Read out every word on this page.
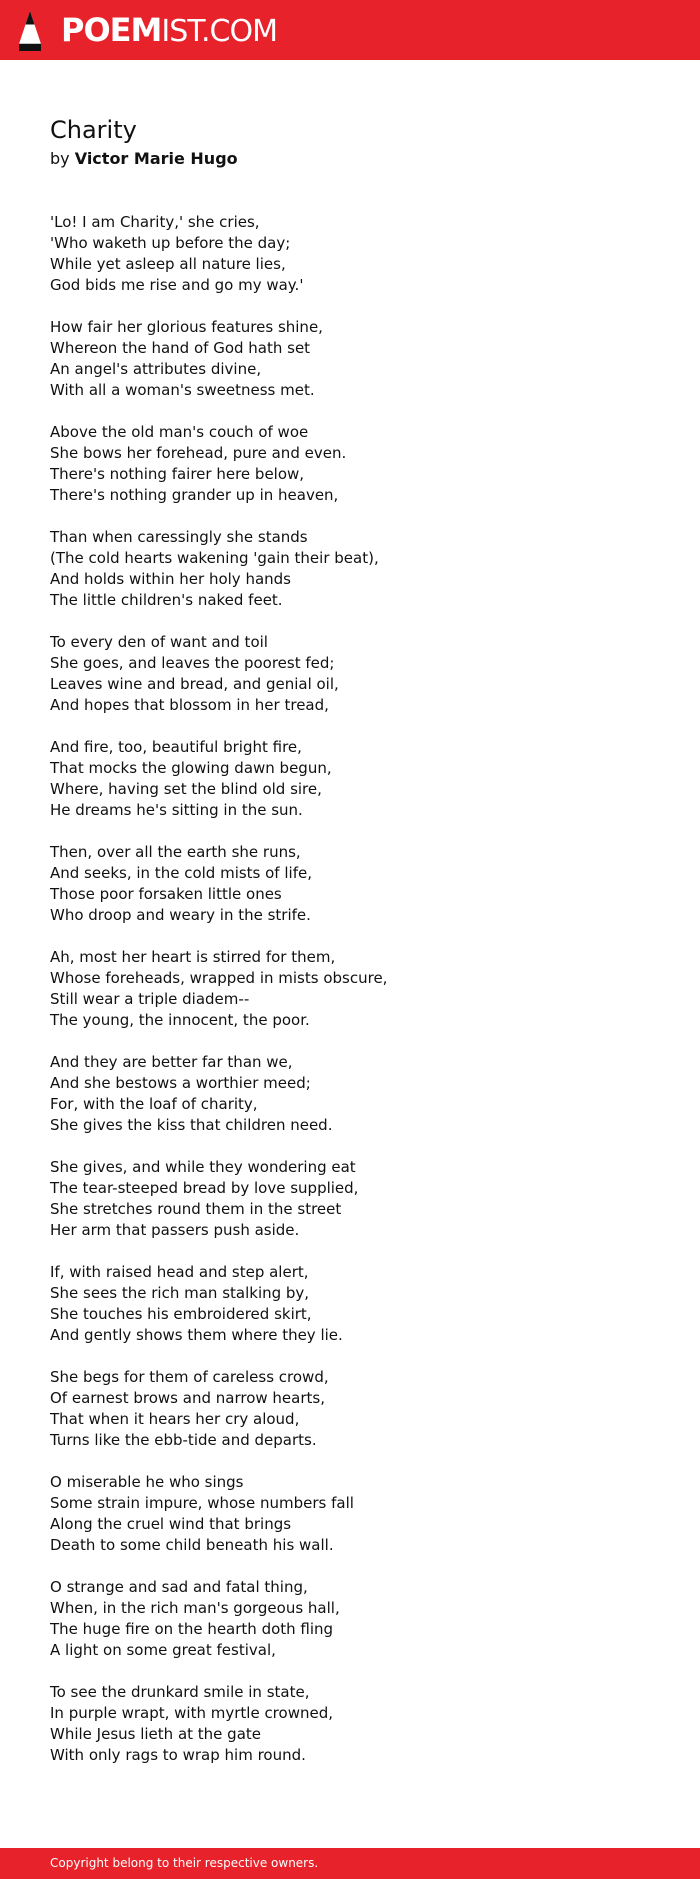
POEMIST.COM
Charity
by Victor Marie Hugo
'Lo! I am Charity,' she cries,
'Who waketh up before the day;
While yet asleep all nature lies,
God bids me rise and go my way.'
How fair her glorious features shine,
Whereon the hand of God hath set
An angel's attributes divine,
With all a woman's sweetness met.
Above the old man's couch of woe
She bows her forehead, pure and even.
There's nothing fairer here below,
There's nothing grander up in heaven,
Than when caressingly she stands
(The cold hearts wakening 'gain their beat),
And holds within her holy hands
The little children's naked feet.
To every den of want and toil
She goes, and leaves the poorest fed;
Leaves wine and bread, and genial oil,
And hopes that blossom in her tread,
And fire, too, beautiful bright fire,
That mocks the glowing dawn begun,
Where, having set the blind old sire,
He dreams he's sitting in the sun.
Then, over all the earth she runs,
And seeks, in the cold mists of life,
Those poor forsaken little ones
Who droop and weary in the strife.
Ah, most her heart is stirred for them,
Whose foreheads, wrapped in mists obscure,
Still wear a triple diadem--
The young, the innocent, the poor.
And they are better far than we,
And she bestows a worthier meed;
For, with the loaf of charity,
She gives the kiss that children need.
She gives, and while they wondering eat
The tear-steeped bread by love supplied,
She stretches round them in the street
Her arm that passers push aside.
If, with raised head and step alert,
She sees the rich man stalking by,
She touches his embroidered skirt,
And gently shows them where they lie.
She begs for them of careless crowd,
Of earnest brows and narrow hearts,
That when it hears her cry aloud,
Turns like the ebb-tide and departs.
O miserable he who sings
Some strain impure, whose numbers fall
Along the cruel wind that brings
Death to some child beneath his wall.
O strange and sad and fatal thing,
When, in the rich man's gorgeous hall,
The huge fire on the hearth doth fling
A light on some great festival,
To see the drunkard smile in state,
In purple wrapt, with myrtle crowned,
While Jesus lieth at the gate
With only rags to wrap him round.
Copyright belong to their respective owners.
